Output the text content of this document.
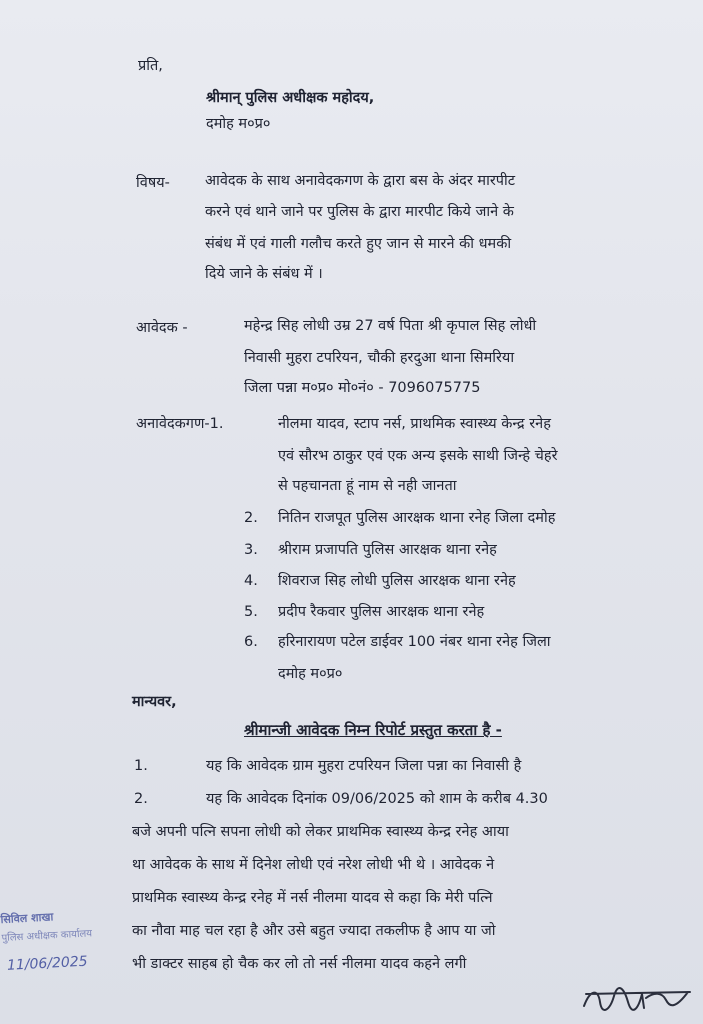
प्रति,
श्रीमान् पुलिस अधीक्षक महोदय,
दमोह म०प्र०
विषय- आवेदक के साथ अनावेदकगण के द्वारा बस के अंदर मारपीट
करने एवं थाने जाने पर पुलिस के द्वारा मारपीट किये जाने के
संबंध में एवं गाली गलौच करते हुए जान से मारने की धमकी
दिये जाने के संबंध में ।
आवेदक -	महेन्द्र सिह लोधी उम्र 27 वर्ष पिता श्री कृपाल सिह लोधी
निवासी मुहरा टपरियन, चौकी हरदुआ थाना सिमरिया
जिला पन्ना म०प्र० मो०नं० - 7096075775
अनावेदकगण-1.	नीलमा यादव, स्टाप नर्स, प्राथमिक स्वास्थ्य केन्द्र रनेह
एवं सौरभ ठाकुर एवं एक अन्य इसके साथी जिन्हे चेहरे
से पहचानता हूं नाम से नही जानता
2. नितिन राजपूत पुलिस आरक्षक थाना रनेह जिला दमोह
3. श्रीराम प्रजापति पुलिस आरक्षक थाना रनेह
4. शिवराज सिह लोधी पुलिस आरक्षक थाना रनेह
5. प्रदीप रैकवार पुलिस आरक्षक थाना रनेह
6. हरिनारायण पटेल डाईवर 100 नंबर थाना रनेह जिला
दमोह म०प्र०
मान्यवर,
श्रीमान्जी आवेदक निम्न रिपोर्ट प्रस्तुत करता है -
1.	यह कि आवेदक ग्राम मुहरा टपरियन जिला पन्ना का निवासी है
2.	यह कि आवेदक दिनांक 09/06/2025 को शाम के करीब 4.30
बजे अपनी पत्नि सपना लोधी को लेकर प्राथमिक स्वास्थ्य केन्द्र रनेह आया
था आवेदक के साथ में दिनेश लोधी एवं नरेश लोधी भी थे । आवेदक ने
प्राथमिक स्वास्थ्य केन्द्र रनेह में नर्स नीलमा यादव से कहा कि मेरी पत्नि
का नौवा माह चल रहा है और उसे बहुत ज्यादा तकलीफ है आप या जो
भी डाक्टर साहब हो चैक कर लो तो नर्स नीलमा यादव कहने लगी
सिविल शाखा
पुलिस अधीक्षक कार्यालय
11/06/2025
